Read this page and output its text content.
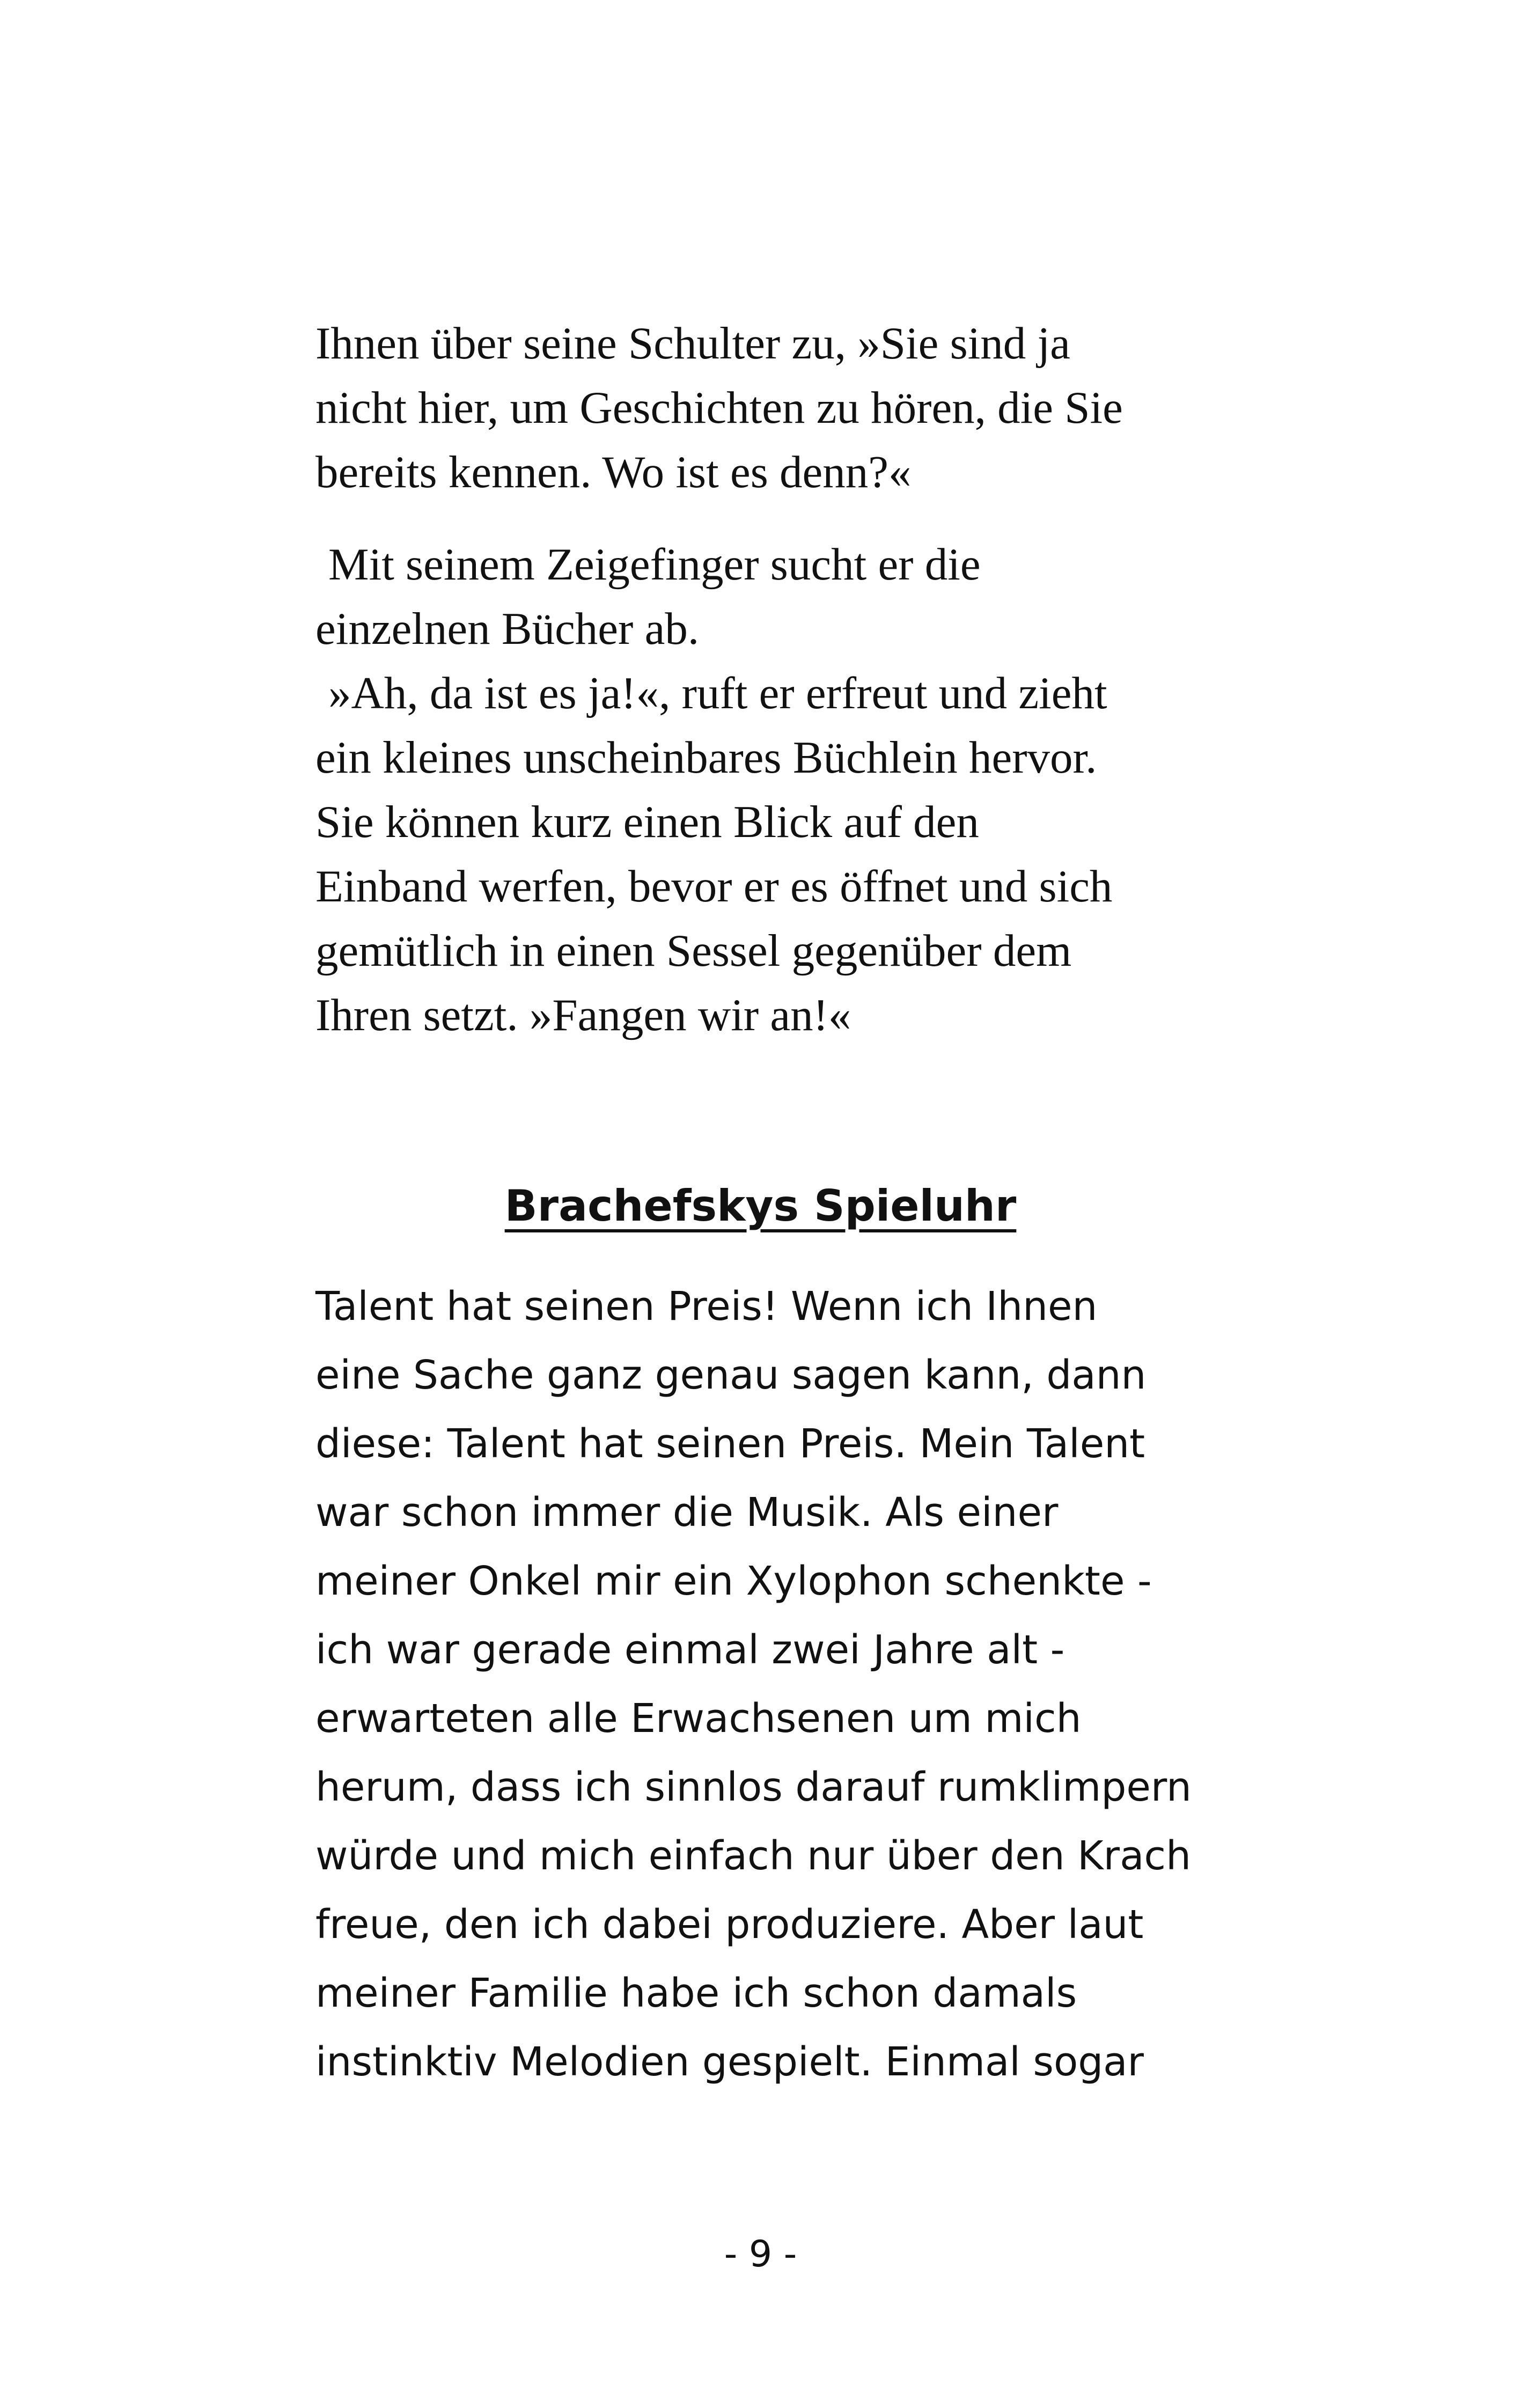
Ihnen über seine Schulter zu, »Sie sind ja

nicht hier, um Geschichten zu hören, die Sie

bereits kennen. Wo ist es denn?«

Mit seinem Zeigefinger sucht er die

einzelnen Bücher ab.

»Ah, da ist es ja!«, ruft er erfreut und zieht

ein kleines unscheinbares Büchlein hervor.

Sie können kurz einen Blick auf den

Einband werfen, bevor er es öffnet und sich

gemütlich in einen Sessel gegenüber dem

Ihren setzt. »Fangen wir an!«

Brachefskys Spieluhr

Talent hat seinen Preis! Wenn ich Ihnen

eine Sache ganz genau sagen kann, dann

diese: Talent hat seinen Preis. Mein Talent

war schon immer die Musik. Als einer

meiner Onkel mir ein Xylophon schenkte -

ich war gerade einmal zwei Jahre alt -

erwarteten alle Erwachsenen um mich

herum, dass ich sinnlos darauf rumklimpern

würde und mich einfach nur über den Krach

freue, den ich dabei produziere. Aber laut

meiner Familie habe ich schon damals

instinktiv Melodien gespielt. Einmal sogar

- 9 -
